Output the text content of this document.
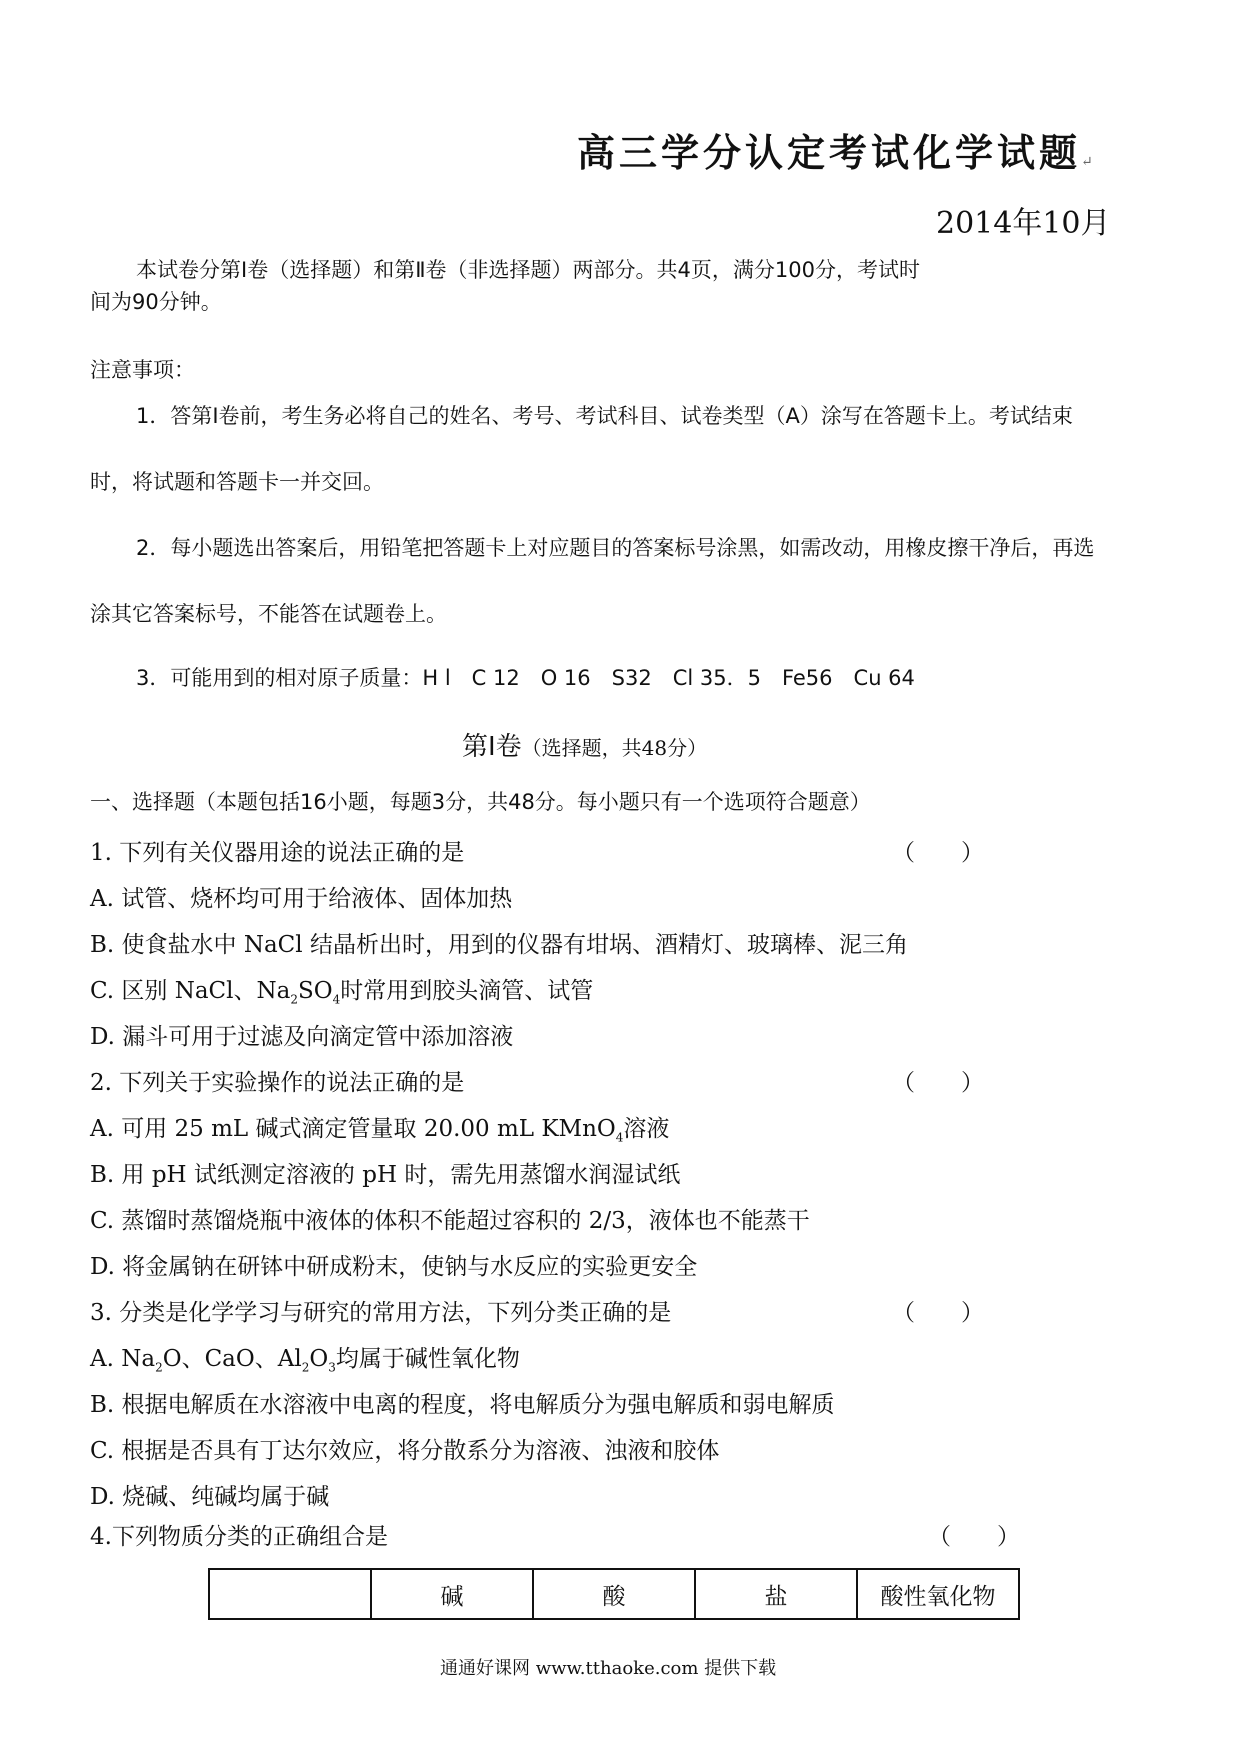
高三学分认定考试化学试题↵
2014年10月
本试卷分第Ⅰ卷（选择题）和第Ⅱ卷（非选择题）两部分。共4页，满分100分，考试时
间为90分钟。
注意事项：
1．答第Ⅰ卷前，考生务必将自己的姓名、考号、考试科目、试卷类型（A）涂写在答题卡上。考试结束
时，将试题和答题卡一并交回。
2．每小题选出答案后，用铅笔把答题卡上对应题目的答案标号涂黑，如需改动，用橡皮擦干净后，再选
涂其它答案标号，不能答在试题卷上。
3．可能用到的相对原子质量：H l　C 12　O 16　S32　Cl 35．5　Fe56　Cu 64
第Ⅰ卷（选择题，共48分）
一、选择题（本题包括16小题，每题3分，共48分。每小题只有一个选项符合题意）
1. 下列有关仪器用途的说法正确的是	（　　）
A. 试管、烧杯均可用于给液体、固体加热
B. 使食盐水中 NaCl 结晶析出时，用到的仪器有坩埚、酒精灯、玻璃棒、泥三角
C. 区别 NaCl、$Na_2SO_4$时常用到胶头滴管、试管
D. 漏斗可用于过滤及向滴定管中添加溶液
2. 下列关于实验操作的说法正确的是	（　　）
A. 可用 25 mL 碱式滴定管量取 20.00 mL KMnO$_4$溶液
B. 用 pH 试纸测定溶液的 pH 时，需先用蒸馏水润湿试纸
C. 蒸馏时蒸馏烧瓶中液体的体积不能超过容积的 2/3，液体也不能蒸干
D. 将金属钠在研钵中研成粉末，使钠与水反应的实验更安全
3. 分类是化学学习与研究的常用方法，下列分类正确的是	（　　）
A. $Na_2O$、CaO、$Al_2O_3$均属于碱性氧化物
B. 根据电解质在水溶液中电离的程度，将电解质分为强电解质和弱电解质
C. 根据是否具有丁达尔效应，将分散系分为溶液、浊液和胶体
D. 烧碱、纯碱均属于碱
4.下列物质分类的正确组合是	（　　）
	碱	酸	盐	酸性氧化物
通通好课网 www.tthaoke.com 提供下载
